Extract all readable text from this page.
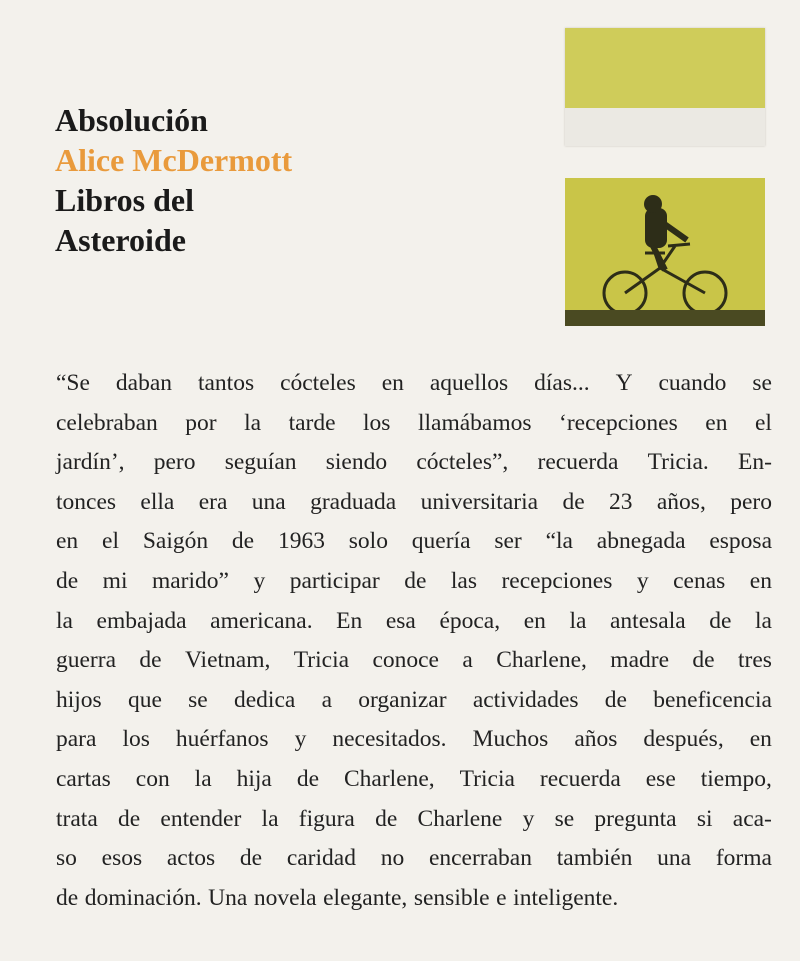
Absolución
Alice McDermott
Libros del
Asteroide
“Se daban tantos cócteles en aquellos días... Y cuando se
celebraban por la tarde los llamábamos ‘recepciones en el
jardín’, pero seguían siendo cócteles”, recuerda Tricia. En-
tonces ella era una graduada universitaria de 23 años, pero
en el Saigón de 1963 solo quería ser “la abnegada esposa
de mi marido” y participar de las recepciones y cenas en
la embajada americana. En esa época, en la antesala de la
guerra de Vietnam, Tricia conoce a Charlene, madre de tres
hijos que se dedica a organizar actividades de beneficencia
para los huérfanos y necesitados. Muchos años después, en
cartas con la hija de Charlene, Tricia recuerda ese tiempo,
trata de entender la figura de Charlene y se pregunta si aca-
so esos actos de caridad no encerraban también una forma
de dominación. Una novela elegante, sensible e inteligente.
